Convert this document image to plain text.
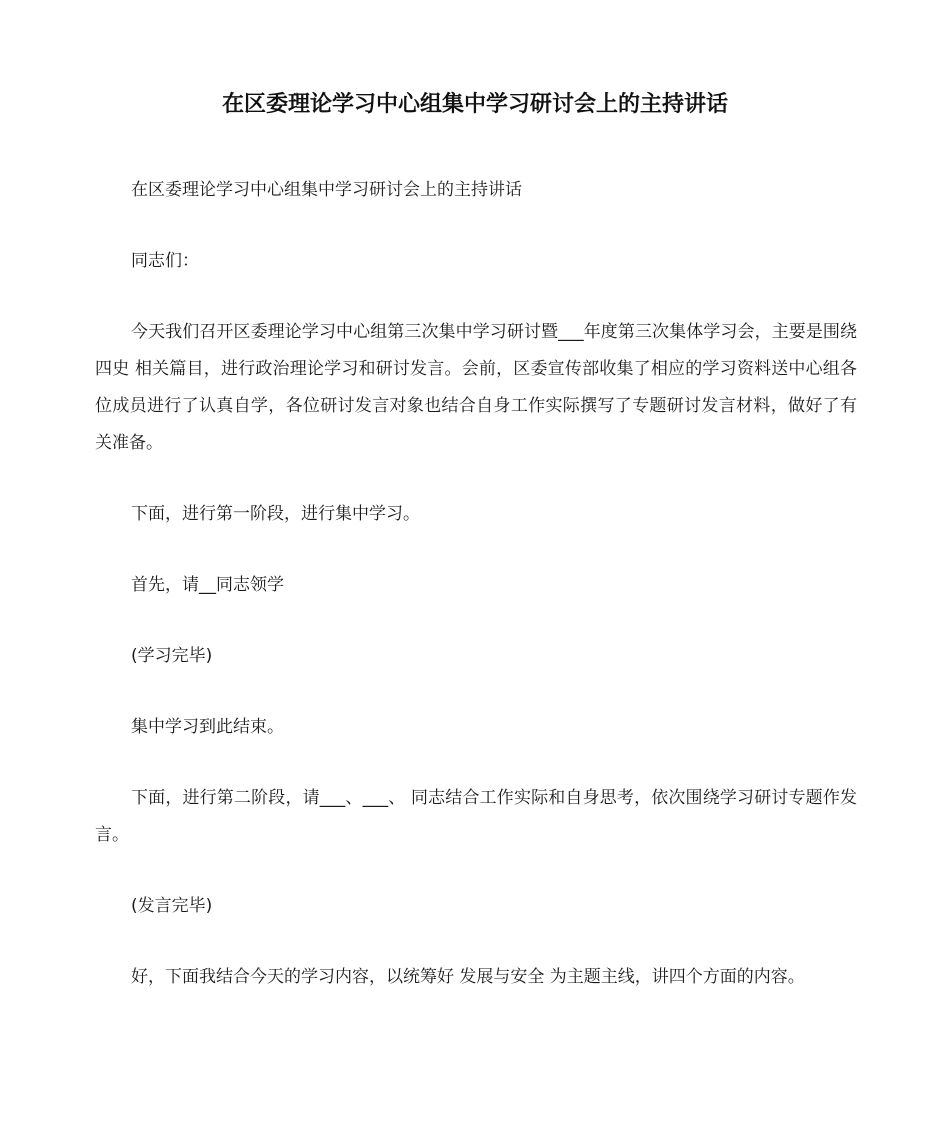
在区委理论学习中心组集中学习研讨会上的主持讲话

在区委理论学习中心组集中学习研讨会上的主持讲话

同志们：

今天我们召开区委理论学习中心组第三次集中学习研讨暨___年度第三次集体学习会，主要是围绕 四史 相关篇目，进行政治理论学习和研讨发言。会前，区委宣传部收集了相应的学习资料送中心组各位成员进行了认真自学，各位研讨发言对象也结合自身工作实际撰写了专题研讨发言材料，做好了有关准备。

下面，进行第一阶段，进行集中学习。

首先，请__同志领学

(学习完毕)

集中学习到此结束。

下面，进行第二阶段，请___、___、 同志结合工作实际和自身思考，依次围绕学习研讨专题作发言。

(发言完毕)

好，下面我结合今天的学习内容，以统筹好 发展与安全 为主题主线，讲四个方面的内容。
